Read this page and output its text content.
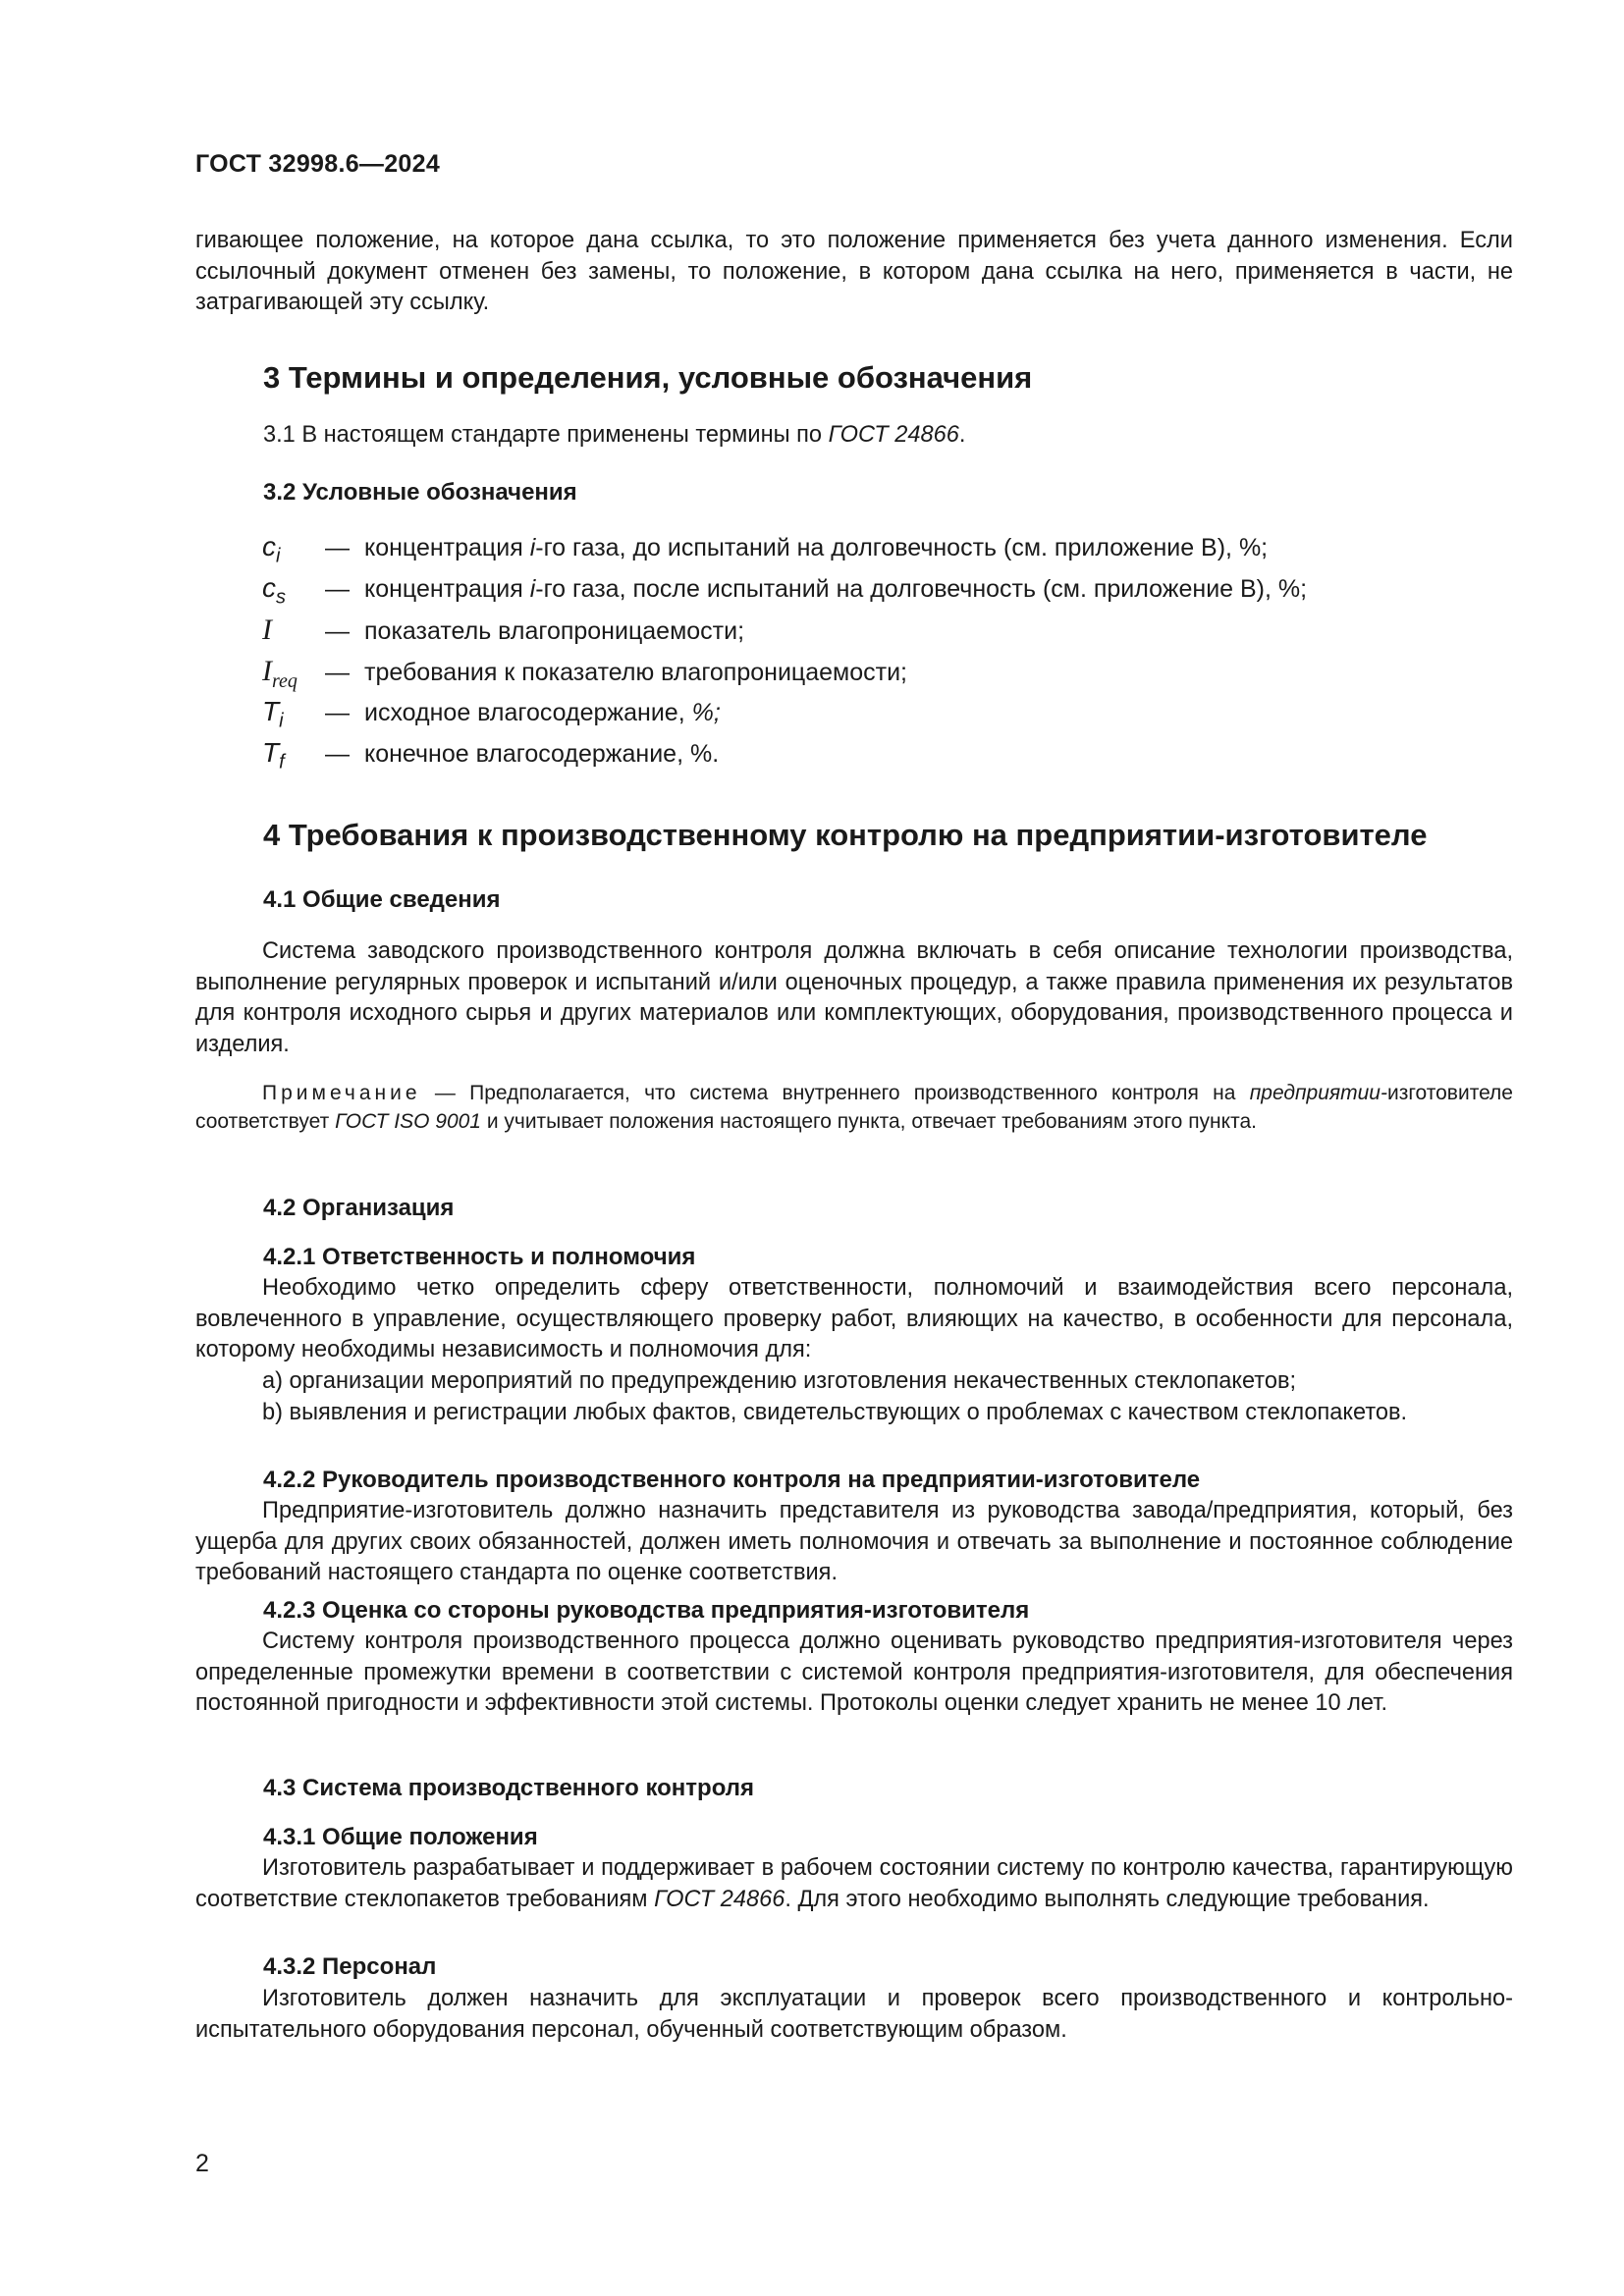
ГОСТ 32998.6—2024
гивающее положение, на которое дана ссылка, то это положение применяется без учета данного изменения. Если ссылочный документ отменен без замены, то положение, в котором дана ссылка на него, применяется в части, не затрагивающей эту ссылку.
3 Термины и определения, условные обозначения
3.1 В настоящем стандарте применены термины по ГОСТ 24866.
3.2 Условные обозначения
$c_i$	— концентрация i-го газа, до испытаний на долговечность (см. приложение В), %;
$c_s$	— концентрация i-го газа, после испытаний на долговечность (см. приложение В), %;
I	— показатель влагопроницаемости;
$I_{req}$	— требования к показателю влагопроницаемости;
$T_i$	— исходное влагосодержание, %;
$T_f$	— конечное влагосодержание, %.
4 Требования к производственному контролю на предприятии-изготовителе
4.1 Общие сведения
Система заводского производственного контроля должна включать в себя описание технологии производства, выполнение регулярных проверок и испытаний и/или оценочных процедур, а также правила применения их результатов для контроля исходного сырья и других материалов или комплектующих, оборудования, производственного процесса и изделия.
Примечание — Предполагается, что система внутреннего производственного контроля на предприятии-изготовителе соответствует ГОСТ ISO 9001 и учитывает положения настоящего пункта, отвечает требованиям этого пункта.
4.2 Организация
4.2.1 Ответственность и полномочия
Необходимо четко определить сферу ответственности, полномочий и взаимодействия всего персонала, вовлеченного в управление, осуществляющего проверку работ, влияющих на качество, в особенности для персонала, которому необходимы независимость и полномочия для:
a) организации мероприятий по предупреждению изготовления некачественных стеклопакетов;
b) выявления и регистрации любых фактов, свидетельствующих о проблемах с качеством стеклопакетов.
4.2.2 Руководитель производственного контроля на предприятии-изготовителе
Предприятие-изготовитель должно назначить представителя из руководства завода/предприятия, который, без ущерба для других своих обязанностей, должен иметь полномочия и отвечать за выполнение и постоянное соблюдение требований настоящего стандарта по оценке соответствия.
4.2.3 Оценка со стороны руководства предприятия-изготовителя
Систему контроля производственного процесса должно оценивать руководство предприятия-изготовителя через определенные промежутки времени в соответствии с системой контроля предприятия-изготовителя, для обеспечения постоянной пригодности и эффективности этой системы. Протоколы оценки следует хранить не менее 10 лет.
4.3 Система производственного контроля
4.3.1 Общие положения
Изготовитель разрабатывает и поддерживает в рабочем состоянии систему по контролю качества, гарантирующую соответствие стеклопакетов требованиям ГОСТ 24866. Для этого необходимо выполнять следующие требования.
4.3.2 Персонал
Изготовитель должен назначить для эксплуатации и проверок всего производственного и контрольно-испытательного оборудования персонал, обученный соответствующим образом.
2
